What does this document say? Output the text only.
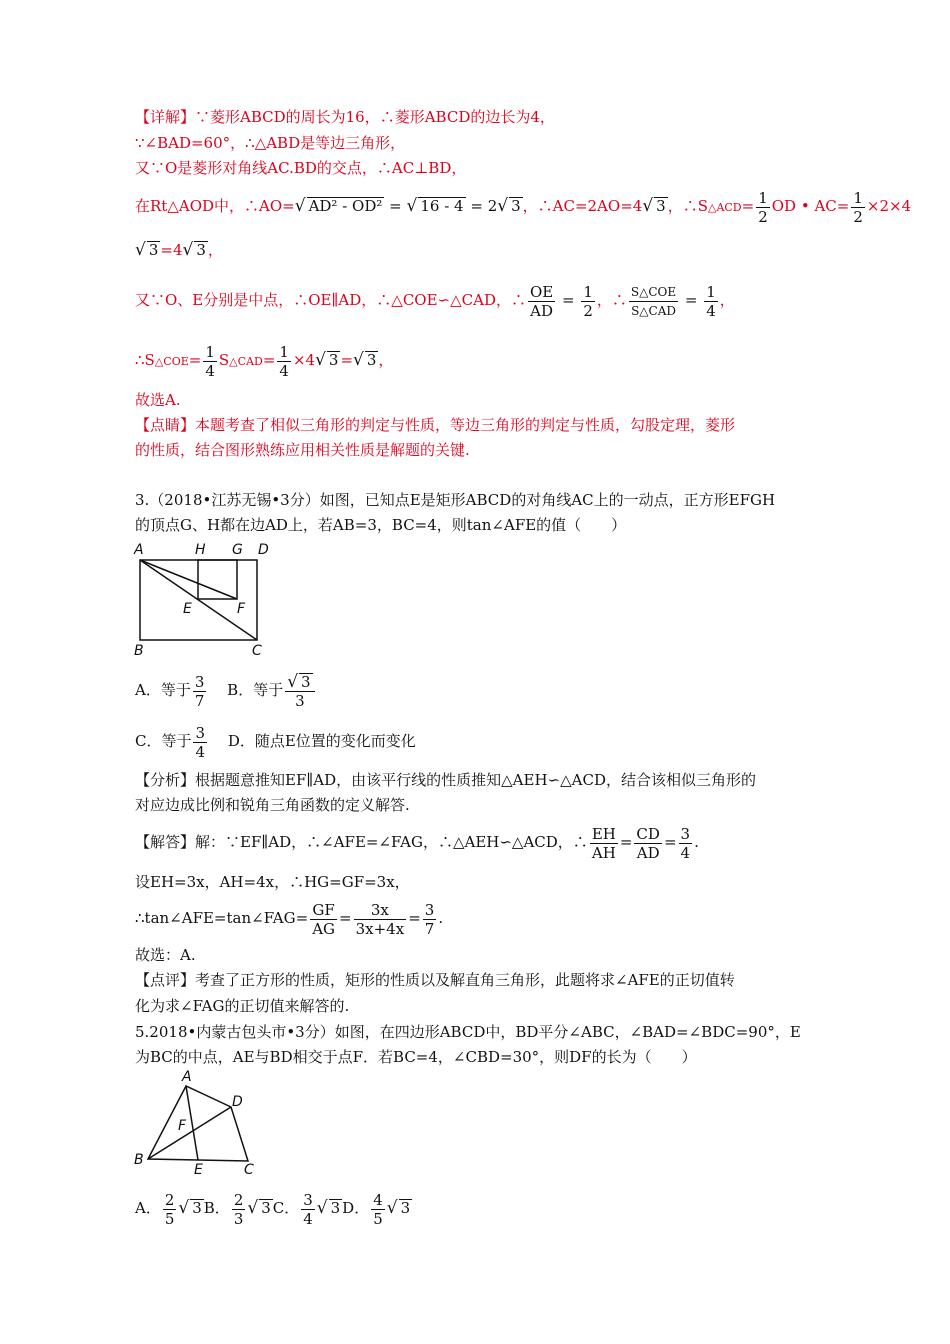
【详解】∵菱形ABCD的周长为16，∴菱形ABCD的边长为4，
∵∠BAD=60°，∴△ABD是等边三角形，
又∵O是菱形对角线AC.BD的交点，∴AC⊥BD，
在Rt△AOD中，∴AO=√ AD² - OD² = √ 16 - 4 = 2√ 3 ，∴AC=2AO=4√ 3 ，∴S△ACD= $\frac{1}{2}$ OD • $AC= \frac{1}{2} \times 2\times 4$
√ 3 =4√ 3 ，
又∵O、E分别是中点，∴OE∥AD，∴△COE∽△CAD，∴ $\frac{OE}{AD} = \frac{1}{2}$ ，∴ $\frac{\text{S△COE}}{\text{S△CAD}} = \frac{1}{4}$ ，
∴S△COE= $\frac{1}{4}$ S△CAD= $\frac{1}{4} \times 4√$ 3 =√ 3 ，
故选A.
【点睛】本题考查了相似三角形的判定与性质，等边三角形的判定与性质，勾股定理，菱形
的性质，结合图形熟练应用相关性质是解题的关键.
3.（2018•江苏无锡•3分）如图，已知点E是矩形ABCD的对角线AC上的一动点，正方形EFGH
的顶点G、H都在边AD上，若AB=3，BC=4，则tan∠AFE的值（　　）
A	H G D
E	F
B	C
A．等于 $\frac{3}{7}$ B．等于 $\frac{√ 3}{3}$
C．等于 $\frac{3}{4}$ D．随点E位置的变化而变化
【分析】根据题意推知EF∥AD，由该平行线的性质推知△AEH∽△ACD，结合该相似三角形的
对应边成比例和锐角三角函数的定义解答.
【解答】解：∵EF∥AD，∴∠AFE=∠FAG，∴△AEH∽△ACD，∴ $\frac{EH}{AH} = \frac{CD}{AD} = \frac{3}{4}$ .
设EH=3x，AH=4x，∴HG=GF=3x，
∴tan∠AFE=tan∠FAG= $\frac{GF}{AG} = \frac{3x}{3x+4x} = \frac{3}{7}$ .
故选：A.
【点评】考查了正方形的性质，矩形的性质以及解直角三角形，此题将求∠AFE的正切值转
化为求∠FAG的正切值来解答的.
5.2018•内蒙古包头市•3分）如图，在四边形ABCD中，BD平分∠ABC，∠BAD=∠BDC=90°，E
为BC的中点，AE与BD相交于点F．若BC=4，∠CBD=30°，则DF的长为（　　）
A
D
F
B
E	C
A． $\frac{2}{5}$ √ 3 B． $\frac{2}{3}$ √ 3 C． $\frac{3}{4}$ √ 3 D． $\frac{4}{5}$ √ 3
